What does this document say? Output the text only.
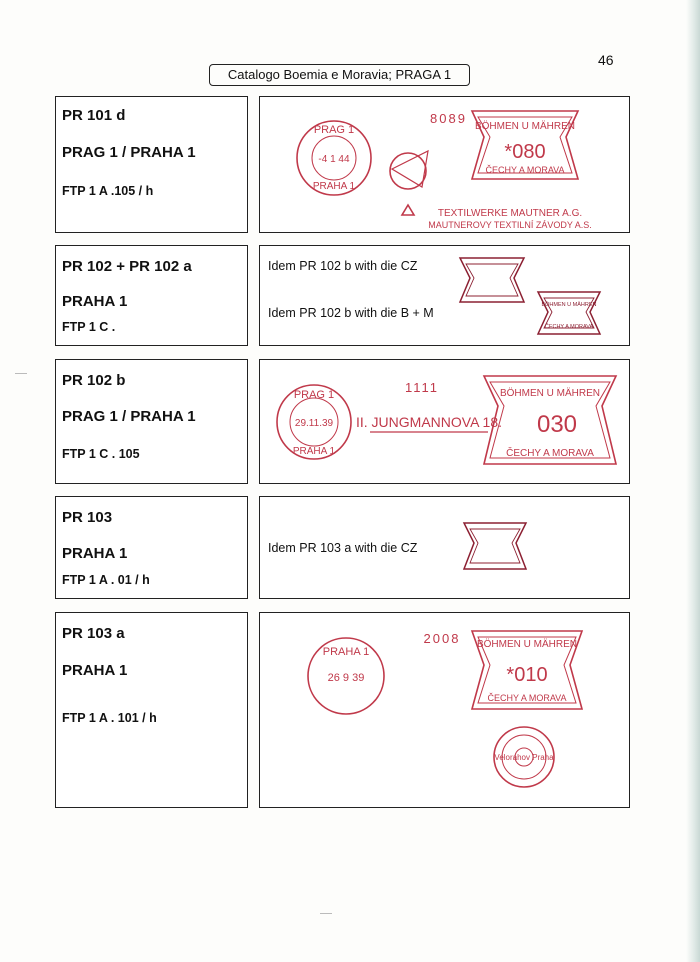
46
Catalogo Boemia e Moravia; PRAGA 1
PR 101 d
PRAG 1 / PRAHA 1
FTP 1 A .105 / h
PRAG 1
-4 1 44
PRAHA 1
8089
BÖHMEN U MÄHREN
*080
ČECHY A MORAVA
TEXTILWERKE MAUTNER A.G.
MAUTNEROVY TEXTILNÍ ZÁVODY A.S.
PR 102 + PR 102 a
PRAHA 1
FTP 1 C .
Idem PR 102 b with die CZ
Idem PR 102 b with die B + M
BÖHMEN U MÄHREN
ČECHY A MORAVA
PR 102 b
PRAG 1 / PRAHA 1
FTP 1 C . 105
PRAG 1
29.11.39
PRAHA 1
1111
II. JUNGMANNOVA 18.
BÖHMEN U MÄHREN
030
ČECHY A MORAVA
PR 103
PRAHA 1
FTP 1 A . 01 / h
Idem PR 103 a with die CZ
PR 103 a
PRAHA 1
FTP 1 A . 101 / h
PRAHA 1
26 9 39
2008 BÖHMEN U MÄHREN
*010
ČECHY A MORAVA
Velorahov Praha
